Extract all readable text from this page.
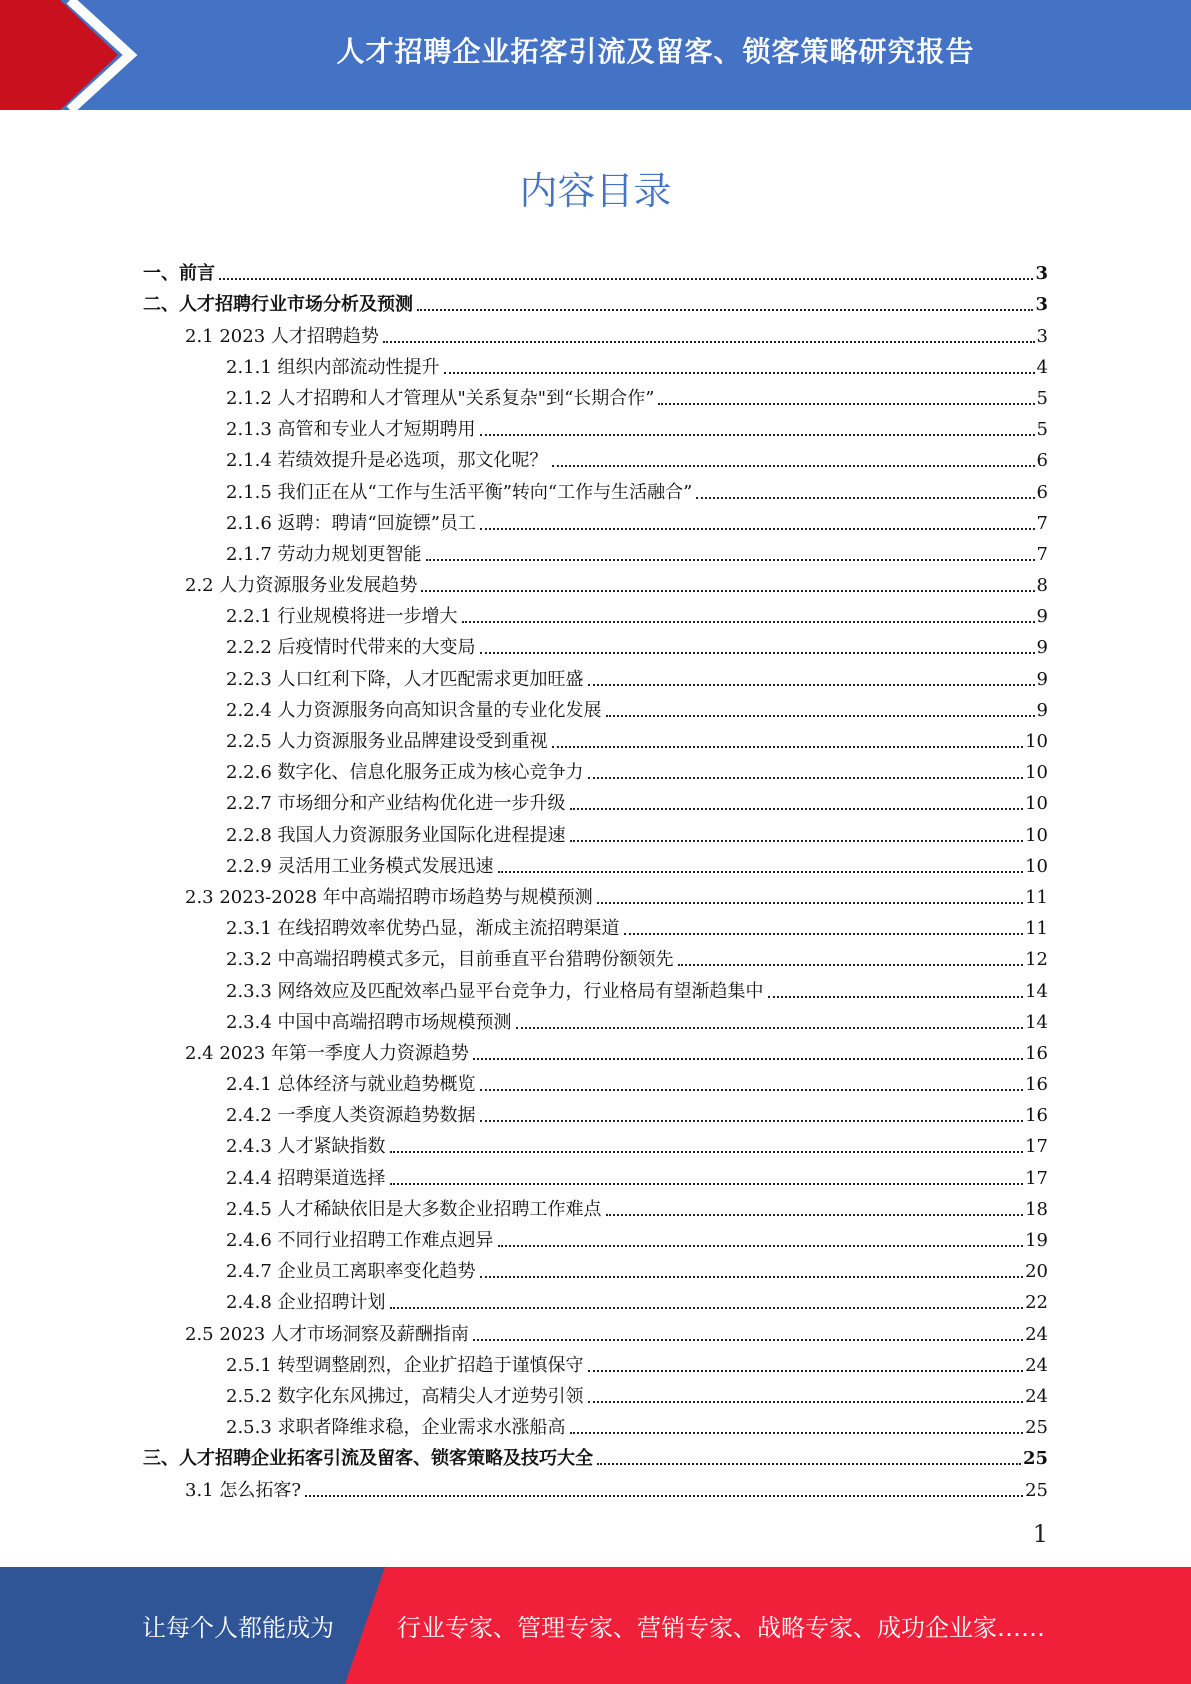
人才招聘企业拓客引流及留客、锁客策略研究报告
内容目录
一、前言	3
二、人才招聘行业市场分析及预测	3
2.1 2023 人才招聘趋势	3
2.1.1 组织内部流动性提升	4
2.1.2 人才招聘和人才管理从"关系复杂"到“长期合作”	5
2.1.3 高管和专业人才短期聘用	5
2.1.4 若绩效提升是必选项，那文化呢？	6
2.1.5 我们正在从“工作与生活平衡”转向“工作与生活融合”	6
2.1.6 返聘：聘请“回旋镖”员工	7
2.1.7 劳动力规划更智能	7
2.2 人力资源服务业发展趋势	8
2.2.1 行业规模将进一步增大	9
2.2.2 后疫情时代带来的大变局	9
2.2.3 人口红利下降，人才匹配需求更加旺盛	9
2.2.4 人力资源服务向高知识含量的专业化发展	9
2.2.5 人力资源服务业品牌建设受到重视	10
2.2.6 数字化、信息化服务正成为核心竞争力	10
2.2.7 市场细分和产业结构优化进一步升级	10
2.2.8 我国人力资源服务业国际化进程提速	10
2.2.9 灵活用工业务模式发展迅速	10
2.3 2023-2028 年中高端招聘市场趋势与规模预测	11
2.3.1 在线招聘效率优势凸显，渐成主流招聘渠道	11
2.3.2 中高端招聘模式多元，目前垂直平台猎聘份额领先	12
2.3.3 网络效应及匹配效率凸显平台竞争力，行业格局有望渐趋集中	14
2.3.4 中国中高端招聘市场规模预测	14
2.4 2023 年第一季度人力资源趋势	16
2.4.1 总体经济与就业趋势概览	16
2.4.2 一季度人类资源趋势数据	16
2.4.3 人才紧缺指数	17
2.4.4 招聘渠道选择	17
2.4.5 人才稀缺依旧是大多数企业招聘工作难点	18
2.4.6 不同行业招聘工作难点迥异	19
2.4.7 企业员工离职率变化趋势	20
2.4.8 企业招聘计划	22
2.5 2023 人才市场洞察及薪酬指南	24
2.5.1 转型调整剧烈，企业扩招趋于谨慎保守	24
2.5.2 数字化东风拂过，高精尖人才逆势引领	24
2.5.3 求职者降维求稳，企业需求水涨船高	25
三、人才招聘企业拓客引流及留客、锁客策略及技巧大全	25
3.1 怎么拓客?	25
1
让每个人都能成为	行业专家、管理专家、营销专家、战略专家、成功企业家……
